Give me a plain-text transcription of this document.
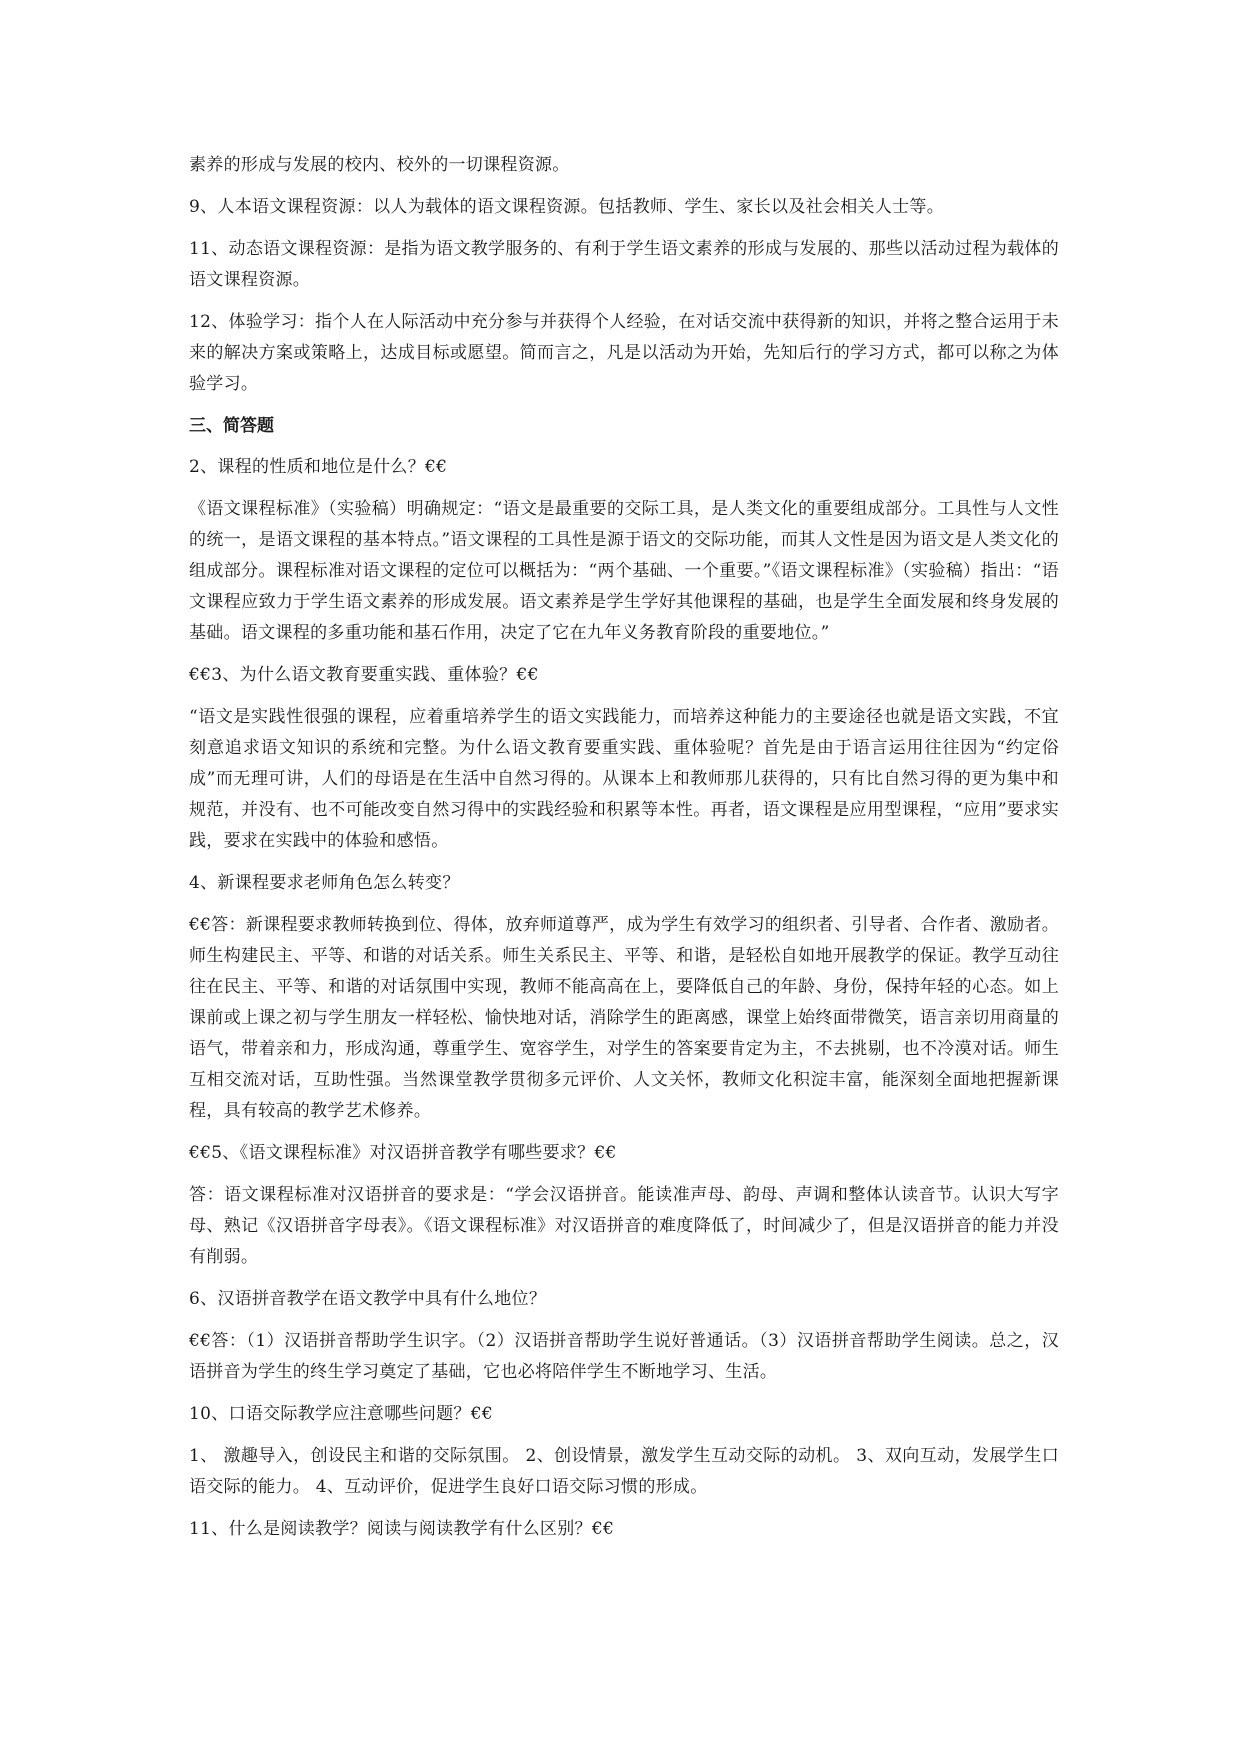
素养的形成与发展的校内、校外的一切课程资源。

9、人本语文课程资源：以人为载体的语文课程资源。包括教师、学生、家长以及社会相关人士等。

11、动态语文课程资源：是指为语文教学服务的、有利于学生语文素养的形成与发展的、那些以活动过程为载体的语文课程资源。

12、体验学习：指个人在人际活动中充分参与并获得个人经验，在对话交流中获得新的知识，并将之整合运用于未来的解决方案或策略上，达成目标或愿望。简而言之，凡是以活动为开始，先知后行的学习方式，都可以称之为体验学习。

三、简答题

2、课程的性质和地位是什么？€€

《语文课程标准》（实验稿）明确规定：“语文是最重要的交际工具，是人类文化的重要组成部分。工具性与人文性的统一，是语文课程的基本特点。”语文课程的工具性是源于语文的交际功能，而其人文性是因为语文是人类文化的组成部分。课程标准对语文课程的定位可以概括为：“两个基础、一个重要。”《语文课程标准》（实验稿）指出：“语文课程应致力于学生语文素养的形成发展。语文素养是学生学好其他课程的基础，也是学生全面发展和终身发展的基础。语文课程的多重功能和基石作用，决定了它在九年义务教育阶段的重要地位。”

€€3、为什么语文教育要重实践、重体验？€€

“语文是实践性很强的课程，应着重培养学生的语文实践能力，而培养这种能力的主要途径也就是语文实践，不宜刻意追求语文知识的系统和完整。为什么语文教育要重实践、重体验呢？首先是由于语言运用往往因为“约定俗成”而无理可讲，人们的母语是在生活中自然习得的。从课本上和教师那儿获得的，只有比自然习得的更为集中和规范，并没有、也不可能改变自然习得中的实践经验和积累等本性。再者，语文课程是应用型课程，“应用”要求实践，要求在实践中的体验和感悟。

4、新课程要求老师角色怎么转变？

€€答：新课程要求教师转换到位、得体，放弃师道尊严，成为学生有效学习的组织者、引导者、合作者、激励者。师生构建民主、平等、和谐的对话关系。师生关系民主、平等、和谐，是轻松自如地开展教学的保证。教学互动往往在民主、平等、和谐的对话氛围中实现，教师不能高高在上，要降低自己的年龄、身份，保持年轻的心态。如上课前或上课之初与学生朋友一样轻松、愉快地对话，消除学生的距离感，课堂上始终面带微笑，语言亲切用商量的语气，带着亲和力，形成沟通，尊重学生、宽容学生，对学生的答案要肯定为主，不去挑剔，也不冷漠对话。师生互相交流对话，互助性强。当然课堂教学贯彻多元评价、人文关怀，教师文化积淀丰富，能深刻全面地把握新课程，具有较高的教学艺术修养。

€€5、《语文课程标准》对汉语拼音教学有哪些要求？€€

答：语文课程标准对汉语拼音的要求是：“学会汉语拼音。能读准声母、韵母、声调和整体认读音节。认识大写字母、熟记《汉语拼音字母表》。《语文课程标准》对汉语拼音的难度降低了，时间减少了，但是汉语拼音的能力并没有削弱。

6、汉语拼音教学在语文教学中具有什么地位？

€€答：（1）汉语拼音帮助学生识字。（2）汉语拼音帮助学生说好普通话。（3）汉语拼音帮助学生阅读。总之，汉语拼音为学生的终生学习奠定了基础，它也必将陪伴学生不断地学习、生活。

10、口语交际教学应注意哪些问题？€€

1、 激趣导入，创设民主和谐的交际氛围。 2、创设情景，激发学生互动交际的动机。 3、双向互动，发展学生口语交际的能力。 4、互动评价，促进学生良好口语交际习惯的形成。

11、什么是阅读教学？阅读与阅读教学有什么区别？€€
